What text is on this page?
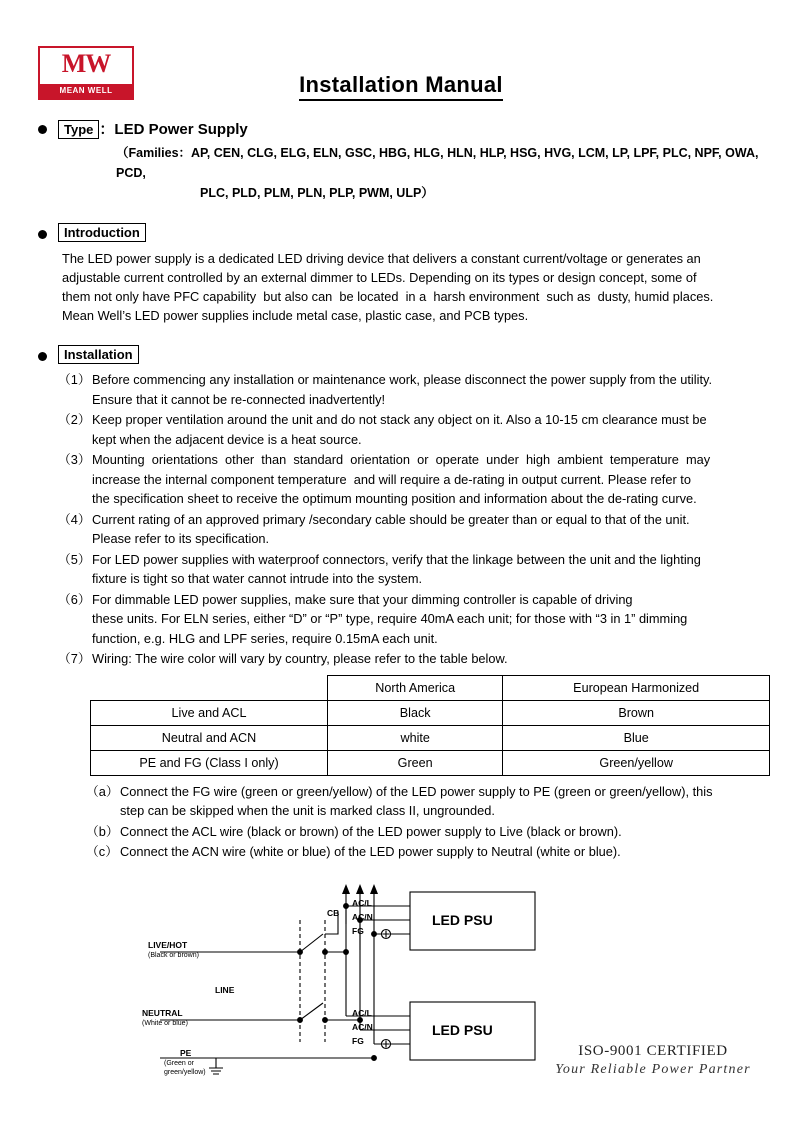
MW
MEAN WELL	Installation Manual
Type ：LED Power Supply
（Families：AP, CEN, CLG, ELG, ELN, GSC, HBG, HLG, HLN, HLP, HSG, HVG, LCM, LP, LPF, PLC, NPF, OWA, PCD,
PLC, PLD, PLM, PLN, PLP, PWM, ULP）
Introduction
The LED power supply is a dedicated LED driving device that delivers a constant current/voltage or generates an
adjustable current controlled by an external dimmer to LEDs. Depending on its types or design concept, some of
them not only have PFC capability  but also can  be located  in a  harsh environment  such as  dusty, humid places.
Mean Well’s LED power supplies include metal case, plastic case, and PCB types.
Installation
（1） Before commencing any installation or maintenance work, please disconnect the power supply from the utility.
Ensure that it cannot be re-connected inadvertently!
（2） Keep proper ventilation around the unit and do not stack any object on it. Also a 10-15 cm clearance must be
kept when the adjacent device is a heat source.
（3） Mounting  orientations  other  than  standard  orientation  or  operate  under  high  ambient  temperature  may
increase the internal component temperature  and will require a de-rating in output current. Please refer to
the specification sheet to receive the optimum mounting position and information about the de-rating curve.
（4） Current rating of an approved primary /secondary cable should be greater than or equal to that of the unit.
Please refer to its specification.
（5） For LED power supplies with waterproof connectors, verify that the linkage between the unit and the lighting
fixture is tight so that water cannot intrude into the system.
（6） For dimmable LED power supplies, make sure that your dimming controller is capable of driving
these units. For ELN series, either “D” or “P” type, require 40mA each unit; for those with “3 in 1” dimming
function, e.g. HLG and LPF series, require 0.15mA each unit.
（7） Wiring: The wire color will vary by country, please refer to the table below.
	North America	European Harmonized
Live and ACL	Black	Brown
Neutral and ACN	white	Blue
PE and FG (Class I only)	Green	Green/yellow
（a） Connect the FG wire (green or green/yellow) of the LED power supply to PE (green or green/yellow), this
step can be skipped when the unit is marked class II, ungrounded.
（b） Connect the ACL wire (black or brown) of the LED power supply to Live (black or brown).
（c） Connect the ACN wire (white or blue) of the LED power supply to Neutral (white or blue).
CB
AC/L
AC/N
FG
AC/L
AC/N
FG
LED PSU
LED PSU
LIVE/HOT
(Black or brown)
LINE
NEUTRAL
(White or blue)
PE
(Green or
green/yellow)
ISO-9001 CERTIFIED
Your Reliable Power Partner
